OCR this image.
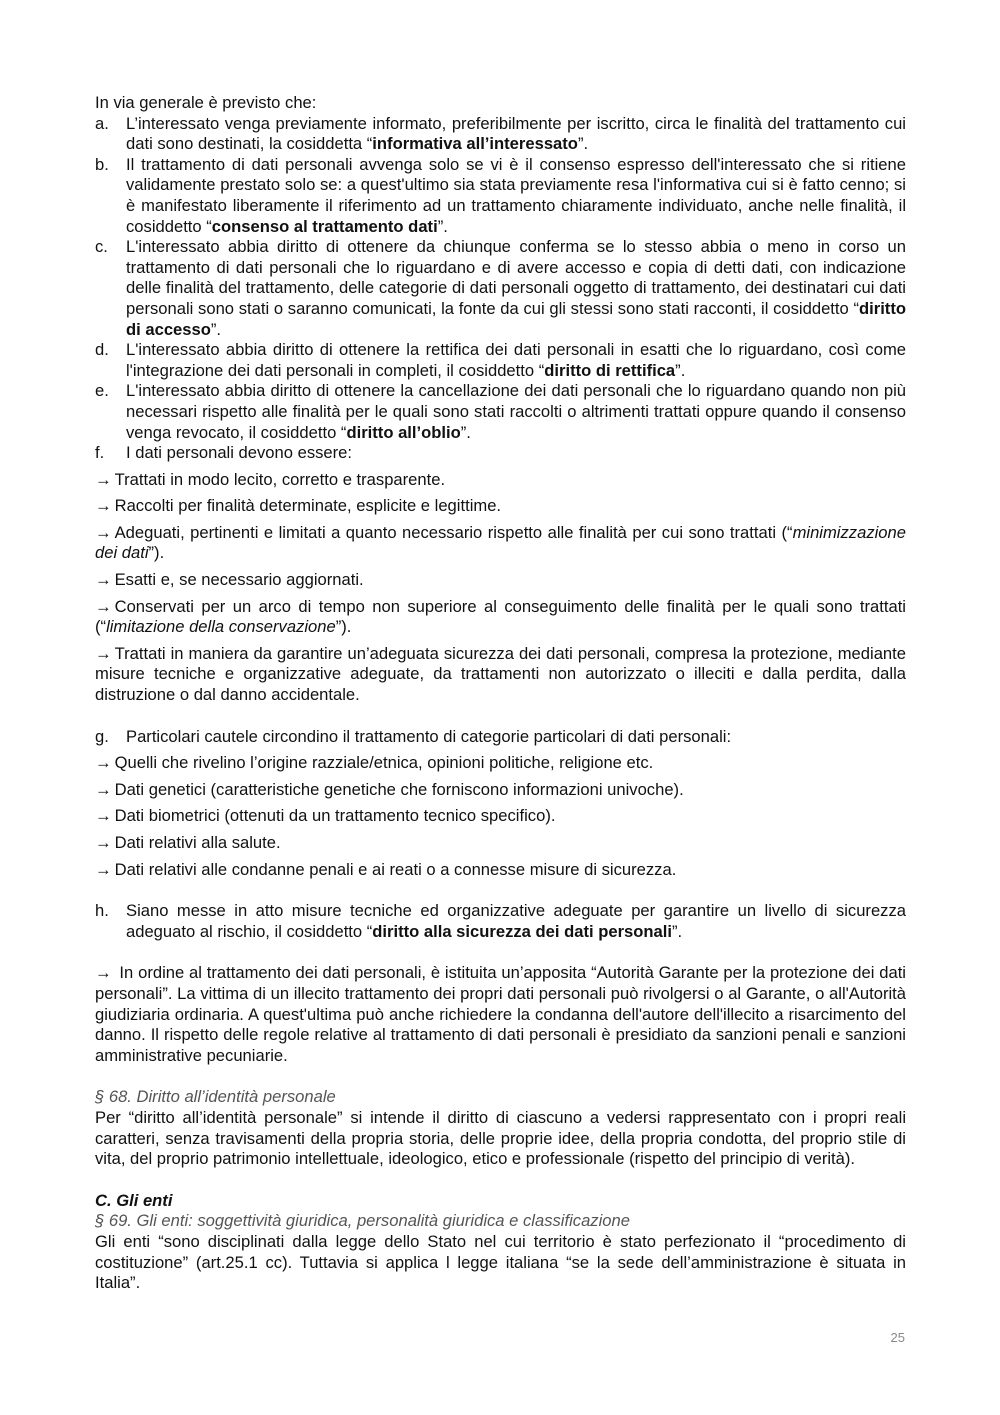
In via generale è previsto che:

a.	L’interessato venga previamente informato, preferibilmente per iscritto, circa le finalità del trattamento cui dati sono destinati, la cosiddetta “informativa all’interessato”.
b.	Il trattamento di dati personali avvenga solo se vi è il consenso espresso dell'interessato che si ritiene validamente prestato solo se: a quest'ultimo sia stata previamente resa l'informativa cui si è fatto cenno; si è manifestato liberamente il riferimento ad un trattamento chiaramente individuato, anche nelle finalità, il cosiddetto “consenso al trattamento dati”.
c.	L'interessato abbia diritto di ottenere da chiunque conferma se lo stesso abbia o meno in corso un trattamento di dati personali che lo riguardano e di avere accesso e copia di detti dati, con indicazione delle finalità del trattamento, delle categorie di dati personali oggetto di trattamento, dei destinatari cui dati personali sono stati o saranno comunicati, la fonte da cui gli stessi sono stati racconti, il cosiddetto “diritto di accesso”.
d.	L'interessato abbia diritto di ottenere la rettifica dei dati personali in esatti che lo riguardano, così come l'integrazione dei dati personali in completi, il cosiddetto “diritto di rettifica”.
e.	L'interessato abbia diritto di ottenere la cancellazione dei dati personali che lo riguardano quando non più necessari rispetto alle finalità per le quali sono stati raccolti o altrimenti trattati oppure quando il consenso venga revocato, il cosiddetto “diritto all’oblio”.
f.	I dati personali devono essere:

→ Trattati in modo lecito, corretto e trasparente.

→ Raccolti per finalità determinate, esplicite e legittime.

→ Adeguati, pertinenti e limitati a quanto necessario rispetto alle finalità per cui sono trattati (“minimizzazione dei dati”).

→ Esatti e, se necessario aggiornati.

→ Conservati per un arco di tempo non superiore al conseguimento delle finalità per le quali sono trattati (“limitazione della conservazione”).

→ Trattati in maniera da garantire un’adeguata sicurezza dei dati personali, compresa la protezione, mediante misure tecniche e organizzative adeguate, da trattamenti non autorizzato o illeciti e dalla perdita, dalla distruzione o dal danno accidentale.

g.	Particolari cautele circondino il trattamento di categorie particolari di dati personali:

→ Quelli che rivelino l’origine razziale/etnica, opinioni politiche, religione etc.

→ Dati genetici (caratteristiche genetiche che forniscono informazioni univoche).

→ Dati biometrici (ottenuti da un trattamento tecnico specifico).

→ Dati relativi alla salute.

→ Dati relativi alle condanne penali e ai reati o a connesse misure di sicurezza.

h.	Siano messe in atto misure tecniche ed organizzative adeguate per garantire un livello di sicurezza adeguato al rischio, il cosiddetto “diritto alla sicurezza dei dati personali”.

→ In ordine al trattamento dei dati personali, è istituita un’apposita “Autorità Garante per la protezione dei dati personali”. La vittima di un illecito trattamento dei propri dati personali può rivolgersi o al Garante, o all'Autorità giudiziaria ordinaria. A quest'ultima può anche richiedere la condanna dell'autore dell'illecito a risarcimento del danno. Il rispetto delle regole relative al trattamento di dati personali è presidiato da sanzioni penali e sanzioni amministrative pecuniarie.

§ 68. Diritto all’identità personale

Per “diritto all’identità personale” si intende il diritto di ciascuno a vedersi rappresentato con i propri reali caratteri, senza travisamenti della propria storia, delle proprie idee, della propria condotta, del proprio stile di vita, del proprio patrimonio intellettuale, ideologico, etico e professionale (rispetto del principio di verità).

C. Gli enti

§ 69. Gli enti: soggettività giuridica, personalità giuridica e classificazione

Gli enti “sono disciplinati dalla legge dello Stato nel cui territorio è stato perfezionato il “procedimento di costituzione” (art.25.1 cc). Tuttavia si applica l legge italiana “se la sede dell’amministrazione è situata in Italia”.

25
